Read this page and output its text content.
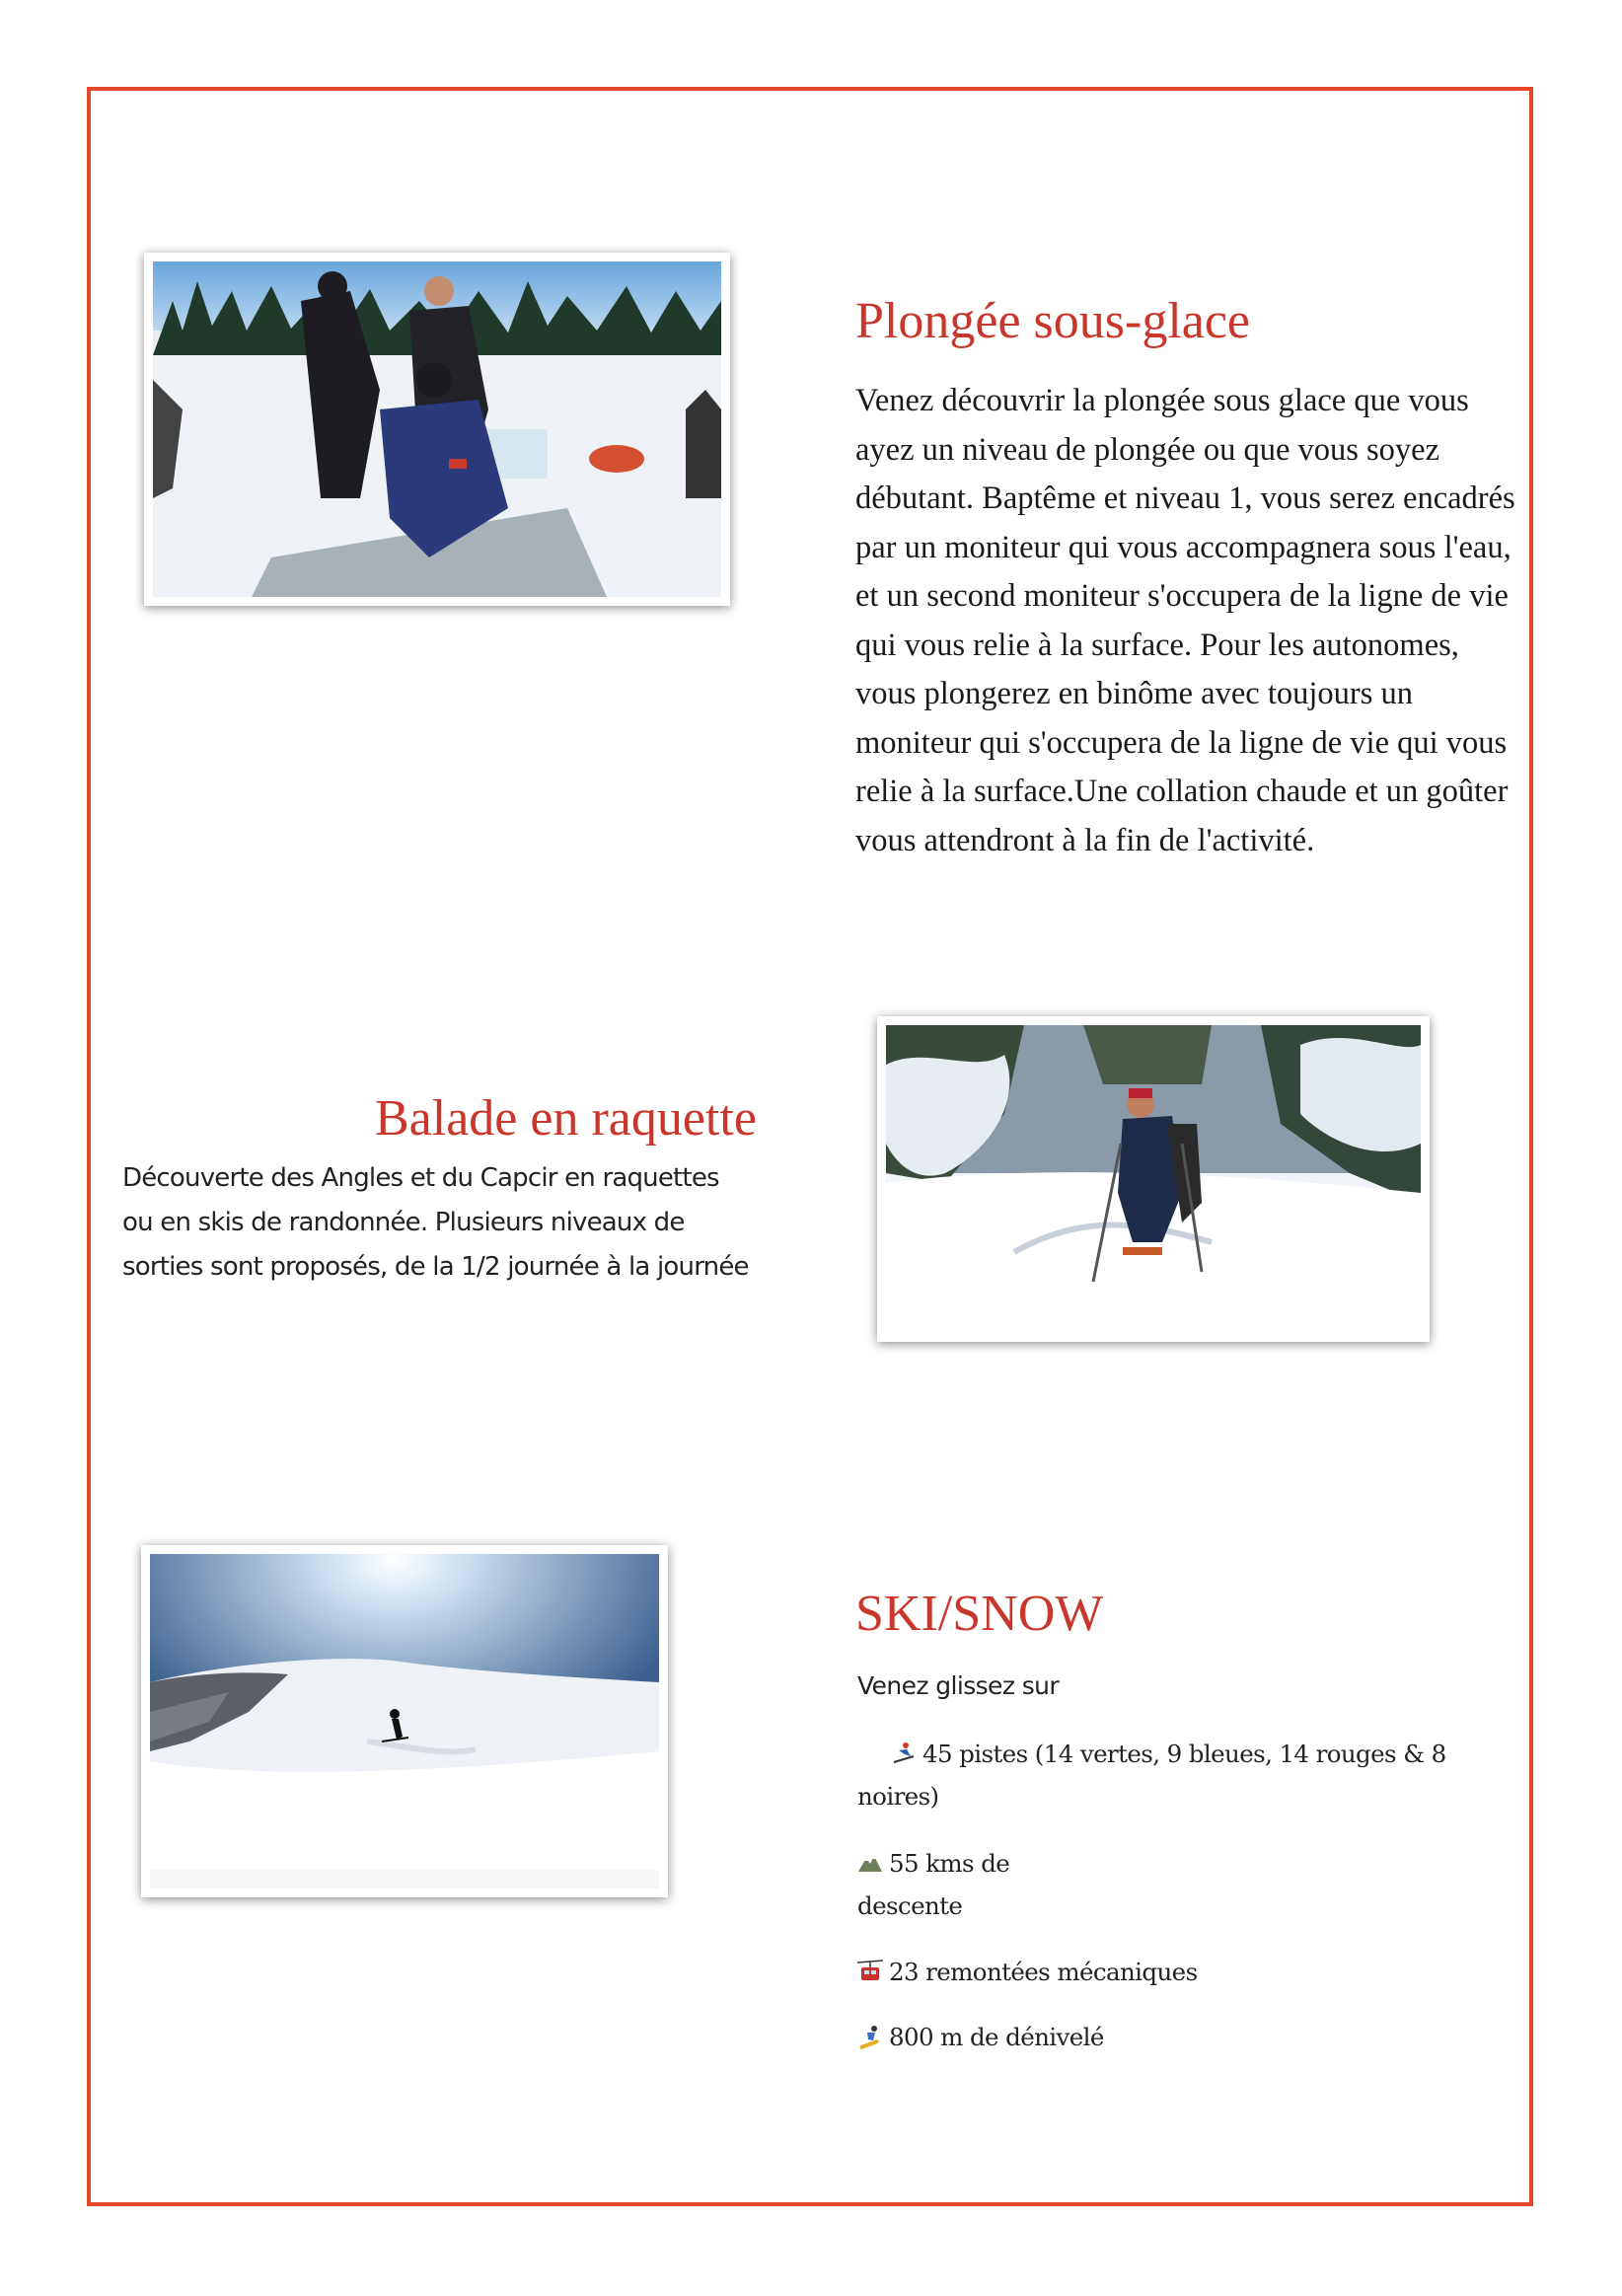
Plongée sous-glace

Venez découvrir la plongée sous glace que vous ayez un niveau de plongée ou que vous soyez débutant. Baptême et niveau 1, vous serez encadrés par un moniteur qui vous accompagnera sous l'eau, et un second moniteur s'occupera de la ligne de vie qui vous relie à la surface. Pour les autonomes, vous plongerez en binôme avec toujours un moniteur qui s'occupera de la ligne de vie qui vous relie à la surface.Une collation chaude et un goûter vous attendront à la fin de l'activité.

Balade en raquette

Découverte des Angles et du Capcir en raquettes ou en skis de randonnée. Plusieurs niveaux de sorties sont proposés, de la 1/2 journée à la journée

SKI/SNOW

Venez glissez sur

45 pistes (14 vertes, 9 bleues, 14 rouges & 8 noires)
55 kms de descente
23 remontées mécaniques
800 m de dénivelé
